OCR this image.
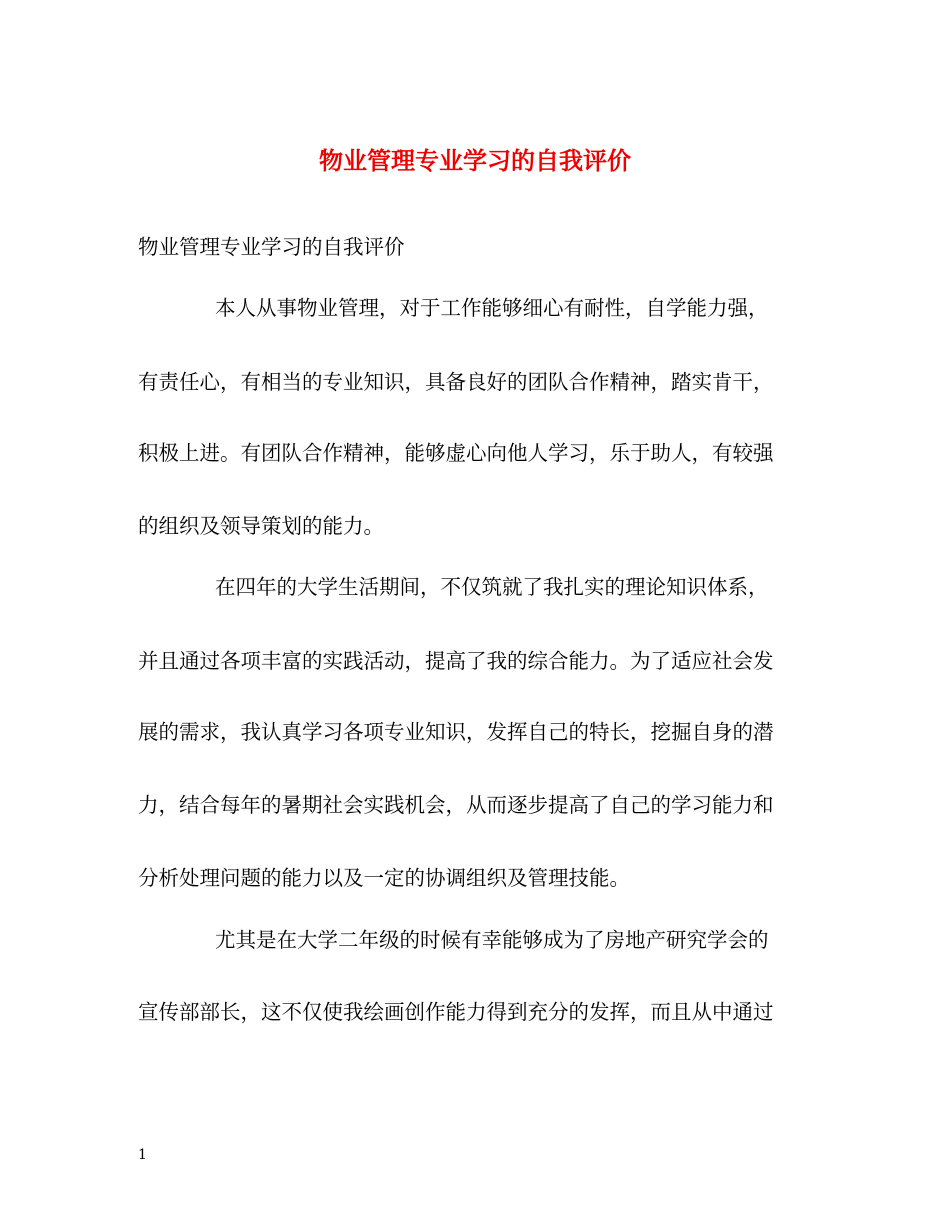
物业管理专业学习的自我评价

物业管理专业学习的自我评价

本人从事物业管理，对于工作能够细心有耐性，自学能力强，

有责任心，有相当的专业知识，具备良好的团队合作精神，踏实肯干，

积极上进。有团队合作精神，能够虚心向他人学习，乐于助人，有较强

的组织及领导策划的能力。

在四年的大学生活期间，不仅筑就了我扎实的理论知识体系，

并且通过各项丰富的实践活动，提高了我的综合能力。为了适应社会发

展的需求，我认真学习各项专业知识，发挥自己的特长，挖掘自身的潜

力，结合每年的暑期社会实践机会，从而逐步提高了自己的学习能力和

分析处理问题的能力以及一定的协调组织及管理技能。

尤其是在大学二年级的时候有幸能够成为了房地产研究学会的

宣传部部长，这不仅使我绘画创作能力得到充分的发挥，而且从中通过

1
